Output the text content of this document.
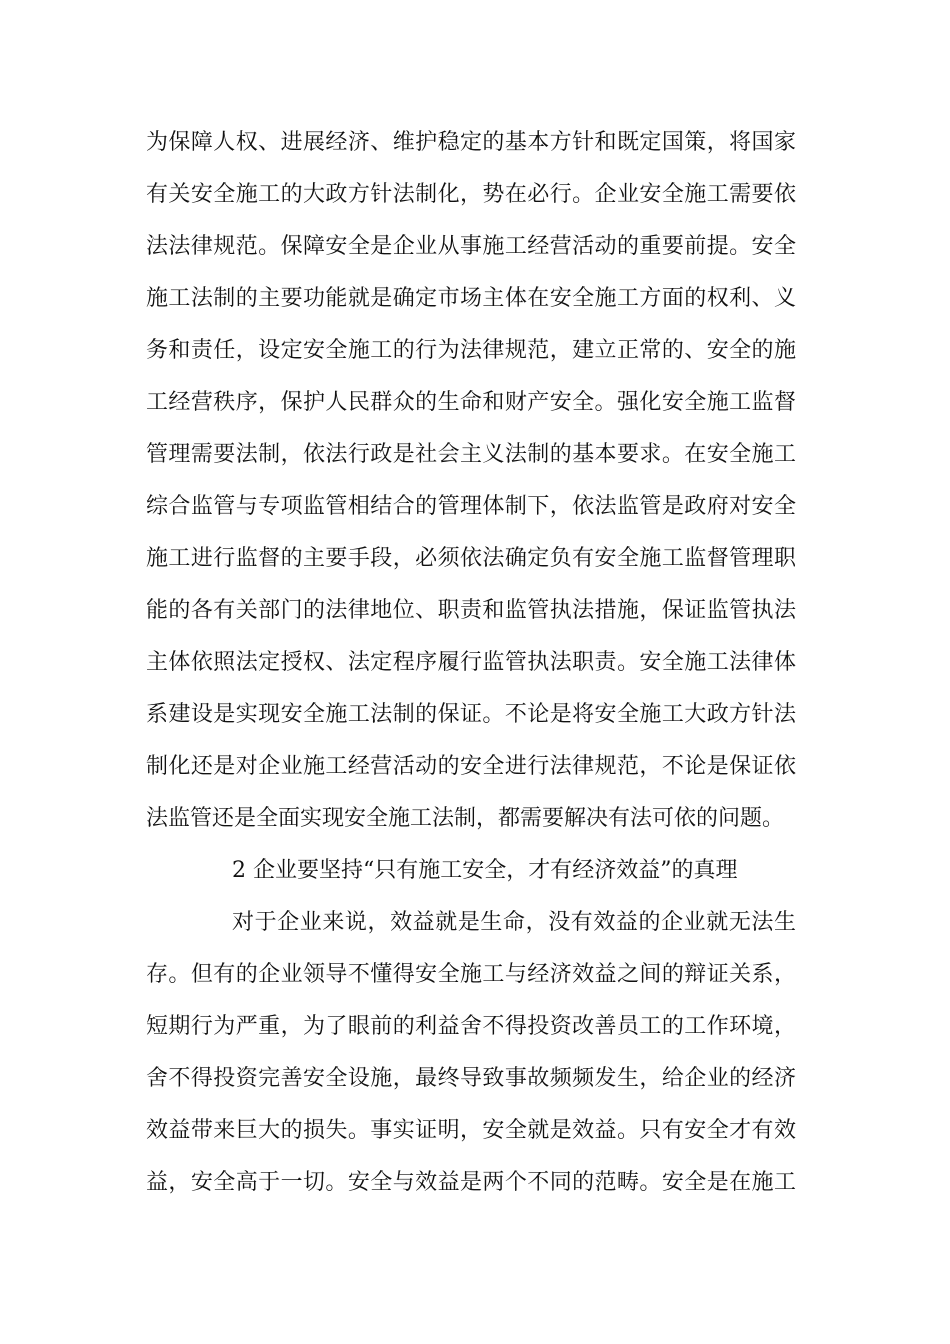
为保障人权、进展经济、维护稳定的基本方针和既定国策，将国家
有关安全施工的大政方针法制化，势在必行。企业安全施工需要依
法法律规范。保障安全是企业从事施工经营活动的重要前提。安全
施工法制的主要功能就是确定市场主体在安全施工方面的权利、义
务和责任，设定安全施工的行为法律规范，建立正常的、安全的施
工经营秩序，保护人民群众的生命和财产安全。强化安全施工监督
管理需要法制，依法行政是社会主义法制的基本要求。在安全施工
综合监管与专项监管相结合的管理体制下，依法监管是政府对安全
施工进行监督的主要手段，必须依法确定负有安全施工监督管理职
能的各有关部门的法律地位、职责和监管执法措施，保证监管执法
主体依照法定授权、法定程序履行监管执法职责。安全施工法律体
系建设是实现安全施工法制的保证。不论是将安全施工大政方针法
制化还是对企业施工经营活动的安全进行法律规范，不论是保证依
法监管还是全面实现安全施工法制，都需要解决有法可依的问题。
2 企业要坚持“只有施工安全，才有经济效益”的真理
对于企业来说，效益就是生命，没有效益的企业就无法生
存。但有的企业领导不懂得安全施工与经济效益之间的辩证关系，
短期行为严重，为了眼前的利益舍不得投资改善员工的工作环境，
舍不得投资完善安全设施，最终导致事故频频发生，给企业的经济
效益带来巨大的损失。事实证明，安全就是效益。只有安全才有效
益，安全高于一切。安全与效益是两个不同的范畴。安全是在施工
